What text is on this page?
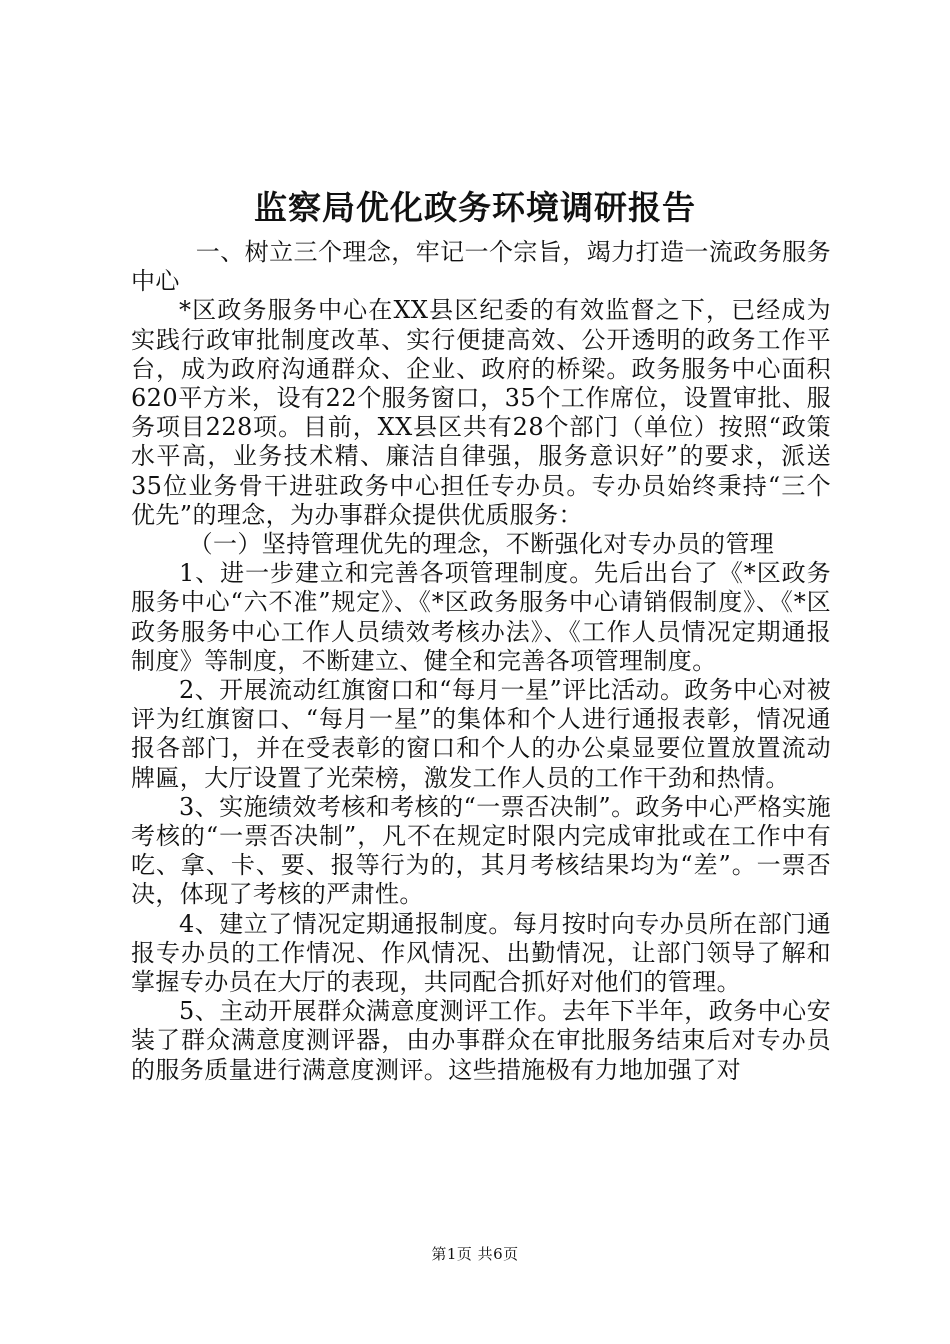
监察局优化政务环境调研报告

一、树立三个理念，牢记一个宗旨，竭力打造一流政务服务中心

*区政务服务中心在XX县区纪委的有效监督之下，已经成为实践行政审批制度改革、实行便捷高效、公开透明的政务工作平台，成为政府沟通群众、企业、政府的桥梁。政务服务中心面积620平方米，设有22个服务窗口，35个工作席位，设置审批、服务项目228项。目前，XX县区共有28个部门（单位）按照“政策水平高，业务技术精、廉洁自律强，服务意识好”的要求，派送35位业务骨干进驻政务中心担任专办员。专办员始终秉持“三个优先”的理念，为办事群众提供优质服务：

（一）坚持管理优先的理念，不断强化对专办员的管理

1、进一步建立和完善各项管理制度。先后出台了《*区政务服务中心“六不准”规定》、《*区政务服务中心请销假制度》、《*区政务服务中心工作人员绩效考核办法》、《工作人员情况定期通报制度》等制度，不断建立、健全和完善各项管理制度。

2、开展流动红旗窗口和“每月一星”评比活动。政务中心对被评为红旗窗口、“每月一星”的集体和个人进行通报表彰，情况通报各部门，并在受表彰的窗口和个人的办公桌显要位置放置流动牌匾，大厅设置了光荣榜，激发工作人员的工作干劲和热情。

3、实施绩效考核和考核的“一票否决制”。政务中心严格实施考核的“一票否决制”，凡不在规定时限内完成审批或在工作中有吃、拿、卡、要、报等行为的，其月考核结果均为“差”。一票否决，体现了考核的严肃性。

4、建立了情况定期通报制度。每月按时向专办员所在部门通报专办员的工作情况、作风情况、出勤情况，让部门领导了解和掌握专办员在大厅的表现，共同配合抓好对他们的管理。

5、主动开展群众满意度测评工作。去年下半年，政务中心安装了群众满意度测评器，由办事群众在审批服务结束后对专办员的服务质量进行满意度测评。这些措施极有力地加强了对

第1页 共6页
